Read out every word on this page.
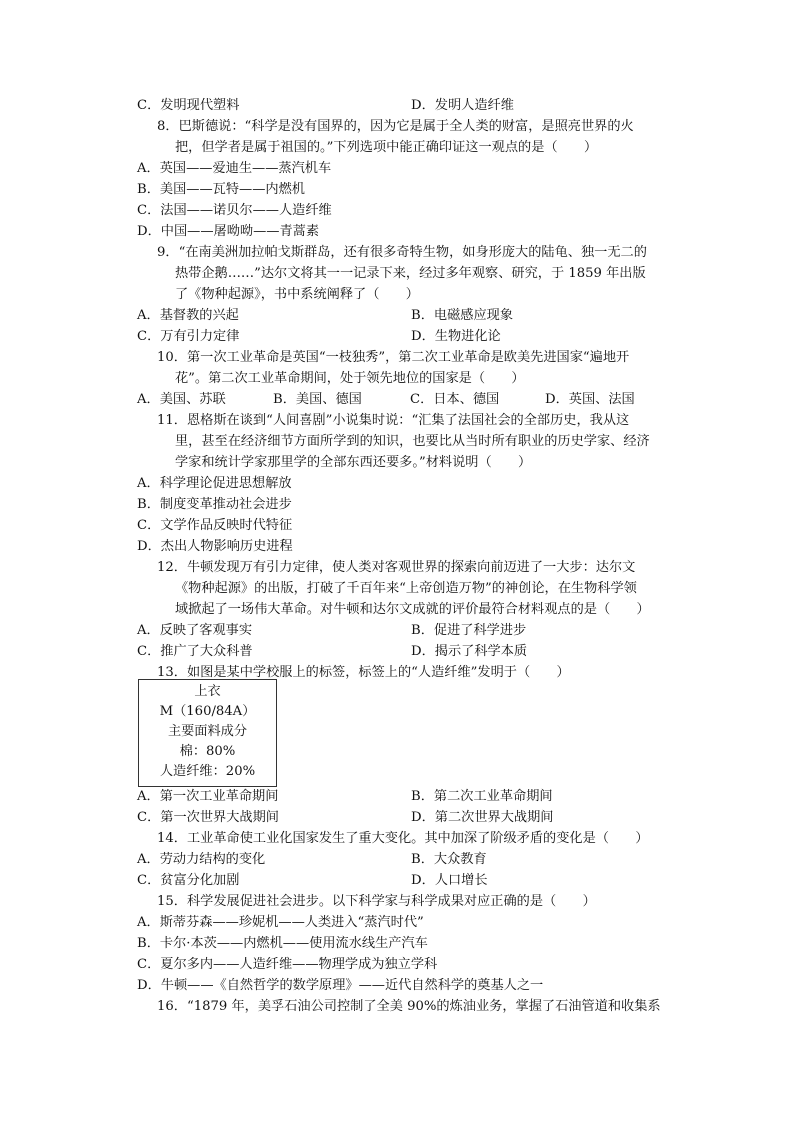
C．发明现代塑料	D．发明人造纤维
8．巴斯德说：“科学是没有国界的，因为它是属于全人类的财富，是照亮世界的火
把，但学者是属于祖国的。”下列选项中能正确印证这一观点的是（　　）
A．英国——爱迪生——蒸汽机车
B．美国——瓦特——内燃机
C．法国——诺贝尔——人造纤维
D．中国——屠呦呦——青蒿素
9．“在南美洲加拉帕戈斯群岛，还有很多奇特生物，如身形庞大的陆龟、独一无二的
热带企鹅……”达尔文将其一一记录下来，经过多年观察、研究，于 1859 年出版
了《物种起源》，书中系统阐释了（　　）
A．基督教的兴起	B．电磁感应现象
C．万有引力定律	D．生物进化论
10．第一次工业革命是英国“一枝独秀”，第二次工业革命是欧美先进国家“遍地开
花”。第二次工业革命期间，处于领先地位的国家是（　　）
A．美国、苏联	B．美国、德国	C．日本、德国	D．英国、法国
11．恩格斯在谈到“人间喜剧”小说集时说：“汇集了法国社会的全部历史，我从这
里，甚至在经济细节方面所学到的知识，也要比从当时所有职业的历史学家、经济
学家和统计学家那里学的全部东西还要多。”材料说明（　　）
A．科学理论促进思想解放
B．制度变革推动社会进步
C．文学作品反映时代特征
D．杰出人物影响历史进程
12．牛顿发现万有引力定律，使人类对客观世界的探索向前迈进了一大步：达尔文
《物种起源》的出版，打破了千百年来“上帝创造万物”的神创论，在生物科学领
域掀起了一场伟大革命。对牛顿和达尔文成就的评价最符合材料观点的是（　　）
A．反映了客观事实	B．促进了科学进步
C．推广了大众科普	D．揭示了科学本质
13．如图是某中学校服上的标签，标签上的“人造纤维”发明于（　　）
上衣
M（160/84A）
主要面料成分
棉：80%
人造纤维：20%
A．第一次工业革命期间	B．第二次工业革命期间
C．第一次世界大战期间	D．第二次世界大战期间
14．工业革命使工业化国家发生了重大变化。其中加深了阶级矛盾的变化是（　　）
A．劳动力结构的变化	B．大众教育
C．贫富分化加剧	D．人口增长
15．科学发展促进社会进步。以下科学家与科学成果对应正确的是（　　）
A．斯蒂芬森——珍妮机——人类进入“蒸汽时代”
B．卡尔·本茨——内燃机——使用流水线生产汽车
C．夏尔多内——人造纤维——物理学成为独立学科
D．牛顿——《自然哲学的数学原理》——近代自然科学的奠基人之一
16．“1879 年，美孚石油公司控制了全美 90%的炼油业务，掌握了石油管道和收集系
